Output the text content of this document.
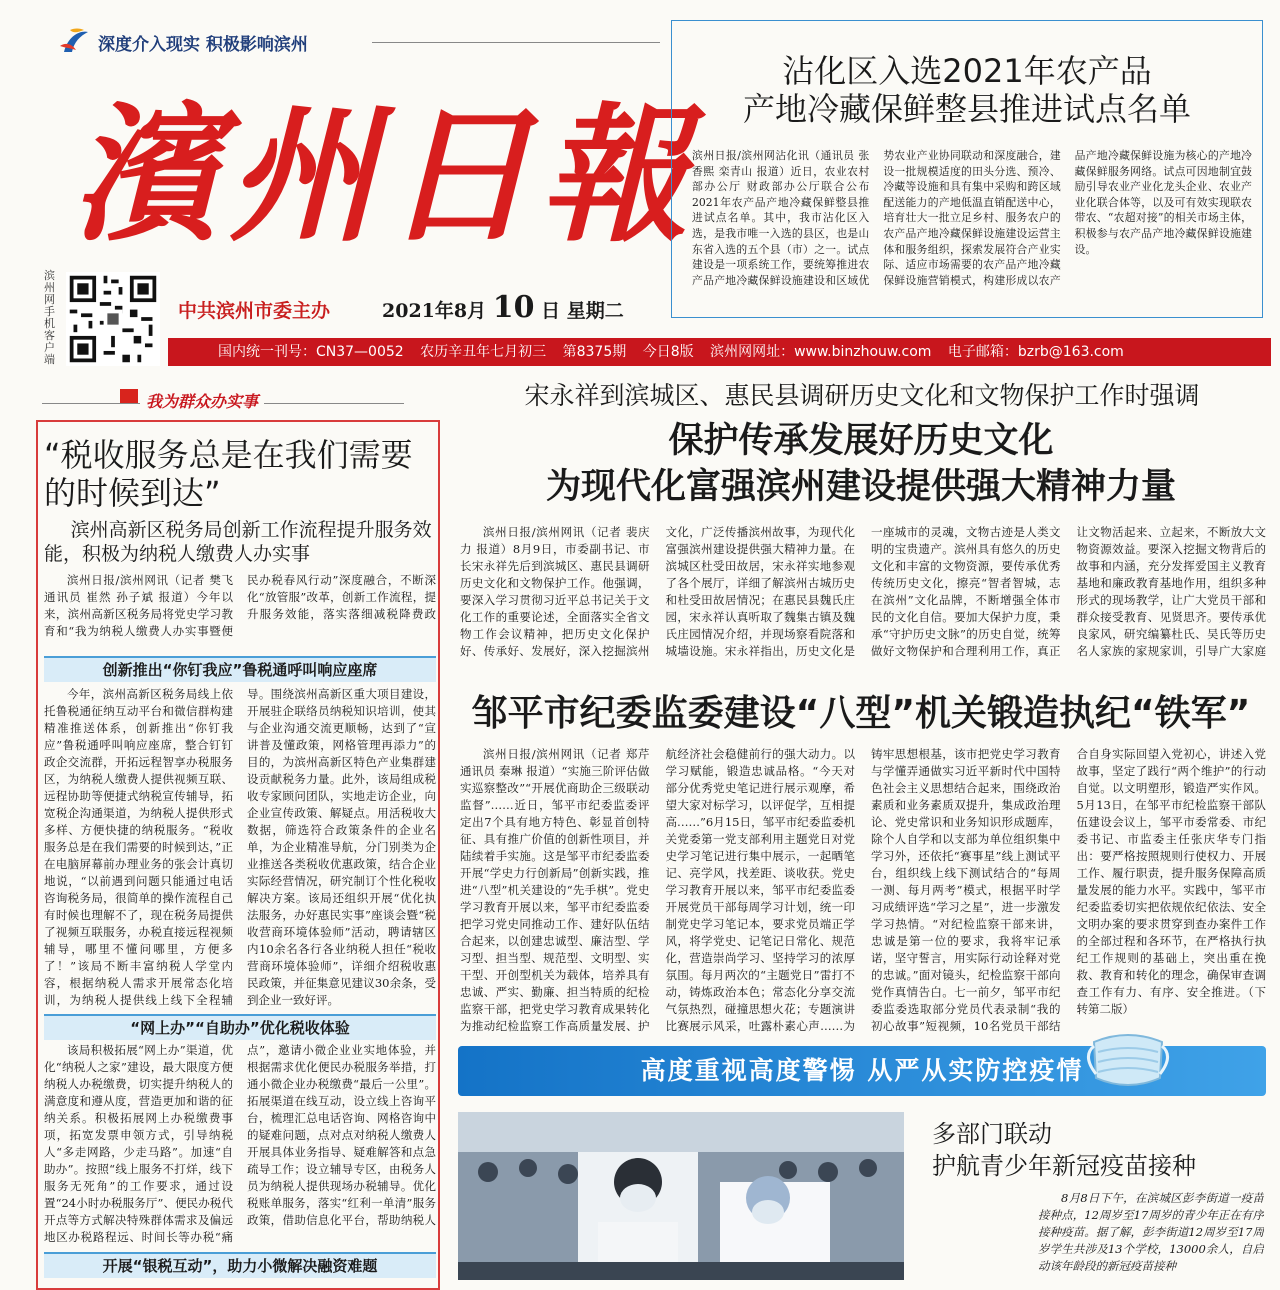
深度介入现实 积极影响滨州
濱州日報
滨州网手机客户端
中共滨州市委主办	2021年8月 10 日 星期二
国内统一刊号：CN37—0052 农历辛丑年七月初三 第8375期 今日8版 滨州网网址：www.binzhouw.com 电子邮箱：bzrb@163.com
沾化区入选2021年农产品
产地冷藏保鲜整县推进试点名单
滨州日报/滨州网沾化讯（通讯员 张香熙 栾青山 报道）近日，农业农村部办公厅 财政部办公厅联合公布2021年农产品产地冷藏保鲜整县推进试点名单。其中，我市沾化区入选，是我市唯一入选的县区，也是山东省入选的五个县（市）之一。试点建设是一项系统工作，要统筹推进农产品产地冷藏保鲜设施建设和区域优势农业产业协同联动和深度融合，建设一批规模适度的田头分选、预冷、冷藏等设施和具有集中采购和跨区域配送能力的产地低温直销配送中心，培育壮大一批立足乡村、服务农户的农产品产地冷藏保鲜设施建设运营主体和服务组织，探索发展符合产业实际、适应市场需要的农产品产地冷藏保鲜设施营销模式，构建形成以农产品产地冷藏保鲜设施为核心的产地冷藏保鲜服务网络。试点可因地制宜鼓励引导农业产业化龙头企业、农业产业化联合体等，以及可有效实现联农带农、“农超对接”的相关市场主体，积极参与农产品产地冷藏保鲜设施建设。
我为群众办实事
“税收服务总是在我们需要的时候到达”
滨州高新区税务局创新工作流程提升服务效能，积极为纳税人缴费人办实事

滨州日报/滨州网讯（记者 樊飞 通讯员 崔然 孙子斌 报道）今年以来，滨州高新区税务局将党史学习教育和“我为纳税人缴费人办实事暨便民办税春风行动”深度融合，不断深化“放管服”改革，创新工作流程，提升服务效能，落实落细减税降费政

创新推出“你钉我应”鲁税通呼叫响应座席

今年，滨州高新区税务局线上依托鲁税通征纳互动平台和微信群构建精准推送体系，创新推出“你钉我应”鲁税通呼叫响应座席，整合钉钉政企交流群，开拓远程智享办税服务区，为纳税人缴费人提供视频互联、远程协助等便捷式纳税宣传辅导，拓宽税企沟通渠道，为纳税人提供形式多样、方便快捷的纳税服务。“税收服务总是在我们需要的时候到达，”正在电脑屏幕前办理业务的张会计真切地说，“以前遇到问题只能通过电话咨询税务局，很简单的操作流程自己有时候也理解不了，现在税务局提供了视频互联服务，办税直接远程视频辅导，哪里不懂问哪里，方便多了！”该局不断丰富纳税人学堂内容，根据纳税人需求开展常态化培训，为纳税人提供线上线下全程辅导。围绕滨州高新区重大项目建设，开展驻企联络员纳税知识培训，使其与企业沟通交流更顺畅，达到了“宣讲普及懂政策，网格管理再添力”的目的，为滨州高新区特色产业集群建设贡献税务力量。此外，该局组成税收专家顾问团队，实地走访企业，向企业宣传政策、解疑点。用活税收大数据，筛选符合政策条件的企业名单，为企业精准导航，分门别类为企业推送各类税收优惠政策，结合企业实际经营情况，研究制订个性化税收解决方案。该局还组织开展“优化执法服务，办好惠民实事”座谈会暨“税收营商环境体验师”活动，聘请辖区内10余名各行各业纳税人担任“税收营商环境体验师”，详细介绍税收惠民政策，并征集意见建议30余条，受到企业一致好评。

“网上办”“自助办”优化税收体验

该局积极拓展“网上办”渠道，优化“纳税人之家”建设，最大限度方便纳税人办税缴费，切实提升纳税人的满意度和遵从度，营造更加和谐的征纳关系。积极拓展网上办税缴费事项，拓宽发票申领方式，引导纳税人“多走网路，少走马路”。加速“自助办”。按照“线上服务不打烊，线下服务无死角”的工作要求，通过设置“24小时办税服务厅”、便民办税代开点等方式解决特殊群体需求及偏远地区办税路程远、时间长等办税“痛点”，邀请小微企业业实地体验，并根据需求优化便民办税服务举措，打通小微企业办税缴费“最后一公里”。拓展渠道在线互动，设立线上咨询平台，梳理汇总电话咨询、网格咨询中的疑难问题，点对点对纳税人缴费人开展具体业务指导、疑难解答和点急疏导工作；设立辅导专区，由税务人员为纳税人提供现场办税辅导。优化税账单服务，落实“红利一单清”服务政策，借助信息化平台，帮助纳税人

开展“银税互动”，助力小微解决融资难题
宋永祥到滨城区、惠民县调研历史文化和文物保护工作时强调
保护传承发展好历史文化
为现代化富强滨州建设提供强大精神力量

滨州日报/滨州网讯（记者 裴庆力 报道）8月9日，市委副书记、市长宋永祥先后到滨城区、惠民县调研历史文化和文物保护工作。他强调，要深入学习贯彻习近平总书记关于文化工作的重要论述，全面落实全省文物工作会议精神，把历史文化保护好、传承好、发展好，深入挖掘滨州文化，广泛传播滨州故事，为现代化富强滨州建设提供强大精神力量。在滨城区杜受田故居，宋永祥实地参观了各个展厅，详细了解滨州古城历史和杜受田故居情况；在惠民县魏氏庄园，宋永祥认真听取了魏集古镇及魏氏庄园情况介绍，并现场察看院落和城墙设施。宋永祥指出，历史文化是一座城市的灵魂，文物古迹是人类文明的宝贵遗产。滨州具有悠久的历史文化和丰富的文物资源，要传承优秀传统历史文化，擦亮“智者智城，志在滨州”文化品牌，不断增强全体市民的文化自信。要加大保护力度，秉承“守护历史文脉”的历史自觉，统筹做好文物保护和合理利用工作，真正让文物活起来、立起来，不断放大文物资源效益。要深入挖掘文物背后的故事和内涵，充分发挥爱国主义教育基地和廉政教育基地作用，组织多种形式的现场教学，让广大党员干部和群众接受教育、见贤思齐。要传承优良家风，研究编纂杜氏、吴氏等历史名人家族的家规家训，引导广大家庭

邹平市纪委监委建设“八型”机关锻造执纪“铁军”

滨州日报/滨州网讯（记者 郑芹 通讯员 秦琳 报道）“实施三阶评估做实巡察整改”“开展优商助企三级联动监督”……近日，邹平市纪委监委评定出7个具有地方特色、彰显首创特征、具有推广价值的创新性项目，并陆续着手实施。这是邹平市纪委监委开展“学史力行创新局”创新实践，推进“八型”机关建设的“先手棋”。党史学习教育开展以来，邹平市纪委监委把学习党史同推动工作、建好队伍结合起来，以创建忠诚型、廉洁型、学习型、担当型、规范型、文明型、实干型、开创型机关为载体，培养具有忠诚、严实、勤廉、担当特质的纪检监察干部，把党史学习教育成果转化为推动纪检监察工作高质量发展、护航经济社会稳健前行的强大动力。以学习赋能，锻造忠诚品格。“今天对部分优秀党史笔记进行展示观摩，希望大家对标学习，以评促学，互相提高……”6月15日，邹平市纪委监委机关党委第一党支部利用主题党日对党史学习笔记进行集中展示，一起晒笔记、亮学风，找差距、谈收获。党史学习教育开展以来，邹平市纪委监委开展党员干部每周学习计划，统一印制党史学习笔记本，要求党员端正学风，将学党史、记笔记日常化、规范化，营造崇尚学习、坚持学习的浓厚氛围。每月两次的“主题党日”雷打不动，铸炼政治本色；常态化分享交流气氛热烈，碰撞思想火花；专题演讲比赛展示风采，吐露朴素心声……为铸牢思想根基，该市把党史学习教育与学懂弄通做实习近平新时代中国特色社会主义思想结合起来，围绕政治素质和业务素质双提升，集成政治理论、党史常识和业务知识形成题库，除个人自学和以支部为单位组织集中学习外，还依托“赛事星”线上测试平台，组织线上线下测试结合的“每周一测、每月两考”模式，根据平时学习成绩评选“学习之星”，进一步激发学习热情。“对纪检监察干部来讲，忠诚是第一位的要求，我将牢记承诺，坚守誓言，用实际行动诠释对党的忠诚。”面对镜头，纪检监察干部向党作真情告白。七一前夕，邹平市纪委监委选取部分党员代表录制“我的初心故事”短视频，10名党员干部结合自身实际回望入党初心，讲述入党故事，坚定了践行“两个维护”的行动自觉。以文明塑形，锻造严实作风。5月13日，在邹平市纪检监察干部队伍建设会议上，邹平市委常委、市纪委书记、市监委主任张庆华专门指出：要严格按照规则行使权力、开展工作、履行职责，提升服务保障高质量发展的能力水平。实践中，邹平市纪委监委切实把依规依纪依法、安全文明办案的要求贯穿到查办案件工作的全部过程和各环节，在严格执行执纪工作规则的基础上，突出重在挽救、教育和转化的理念，确保审查调查工作有力、有序、安全推进。（下转第二版）

高度重视高度警惕 从严从实防控疫情
多部门联动
护航青少年新冠疫苗接种

8月8日下午，在滨城区彭李街道一疫苗接种点，12周岁至17周岁的青少年正在有序接种疫苗。据了解，彭李街道12周岁至17周岁学生共涉及13个学校，13000余人，自启动该年龄段的新冠疫苗接种
